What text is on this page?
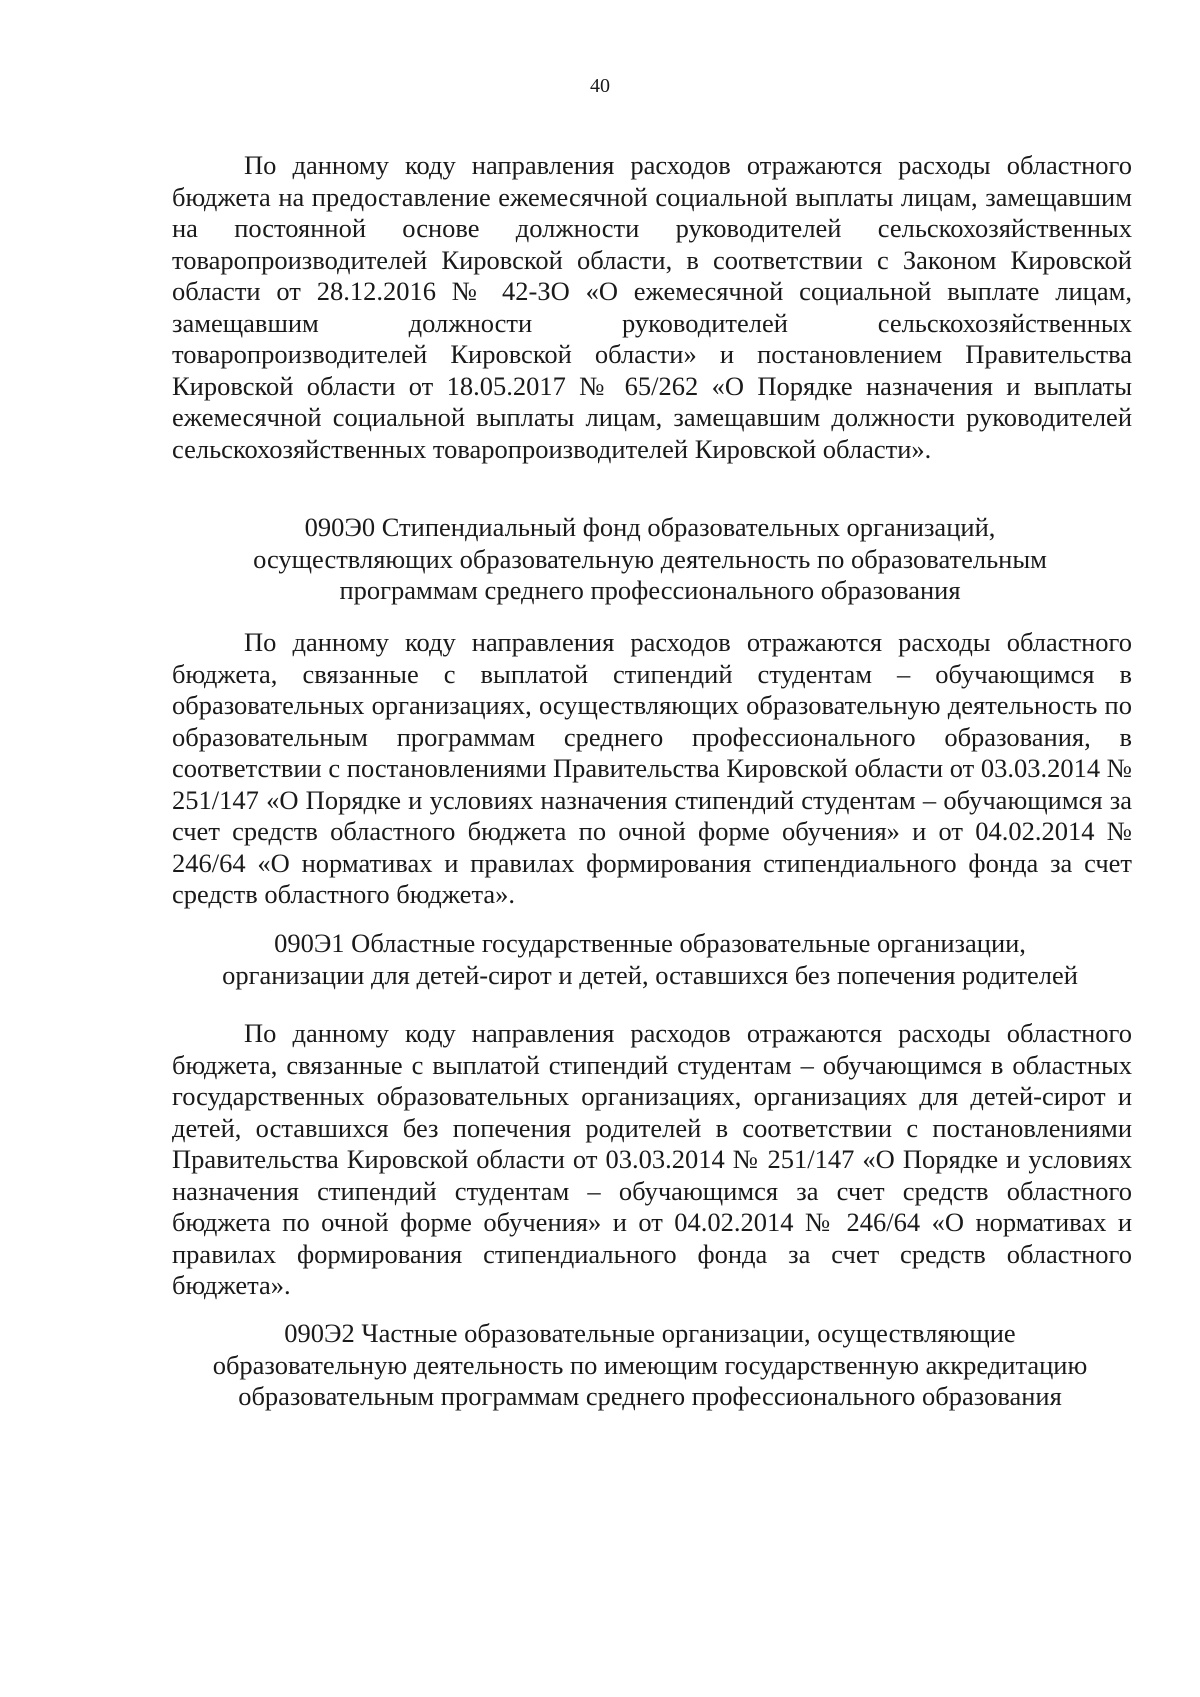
40

По данному коду направления расходов отражаются расходы областного бюджета на предоставление ежемесячной социальной выплаты лицам, замещавшим на постоянной основе должности руководителей сельскохозяйственных товаропроизводителей Кировской области, в соответствии с Законом Кировской области от 28.12.2016 № 42-ЗО «О ежемесячной социальной выплате лицам, замещавшим должности руководителей сельскохозяйственных товаропроизводителей Кировской области» и постановлением Правительства Кировской области от 18.05.2017 № 65/262 «О Порядке назначения и выплаты ежемесячной социальной выплаты лицам, замещавшим должности руководителей сельскохозяйственных товаропроизводителей Кировской области».

090Э0 Стипендиальный фонд образовательных организаций,
осуществляющих образовательную деятельность по образовательным
программам среднего профессионального образования

По данному коду направления расходов отражаются расходы областного бюджета, связанные с выплатой стипендий студентам – обучающимся в образовательных организациях, осуществляющих образовательную деятельность по образовательным программам среднего профессионального образования, в соответствии с постановлениями Правительства Кировской области от 03.03.2014 № 251/147 «О Порядке и условиях назначения стипендий студентам – обучающимся за счет средств областного бюджета по очной форме обучения» и от 04.02.2014 № 246/64 «О нормативах и правилах формирования стипендиального фонда за счет средств областного бюджета».

090Э1 Областные государственные образовательные организации,
организации для детей-сирот и детей, оставшихся без попечения родителей

По данному коду направления расходов отражаются расходы областного бюджета, связанные с выплатой стипендий студентам – обучающимся в областных государственных образовательных организациях, организациях для детей-сирот и детей, оставшихся без попечения родителей в соответствии с постановлениями Правительства Кировской области от 03.03.2014 № 251/147 «О Порядке и условиях назначения стипендий студентам – обучающимся за счет средств областного бюджета по очной форме обучения» и от 04.02.2014 № 246/64 «О нормативах и правилах формирования стипендиального фонда за счет средств областного бюджета».

090Э2 Частные образовательные организации, осуществляющие
образовательную деятельность по имеющим государственную аккредитацию
образовательным программам среднего профессионального образования
